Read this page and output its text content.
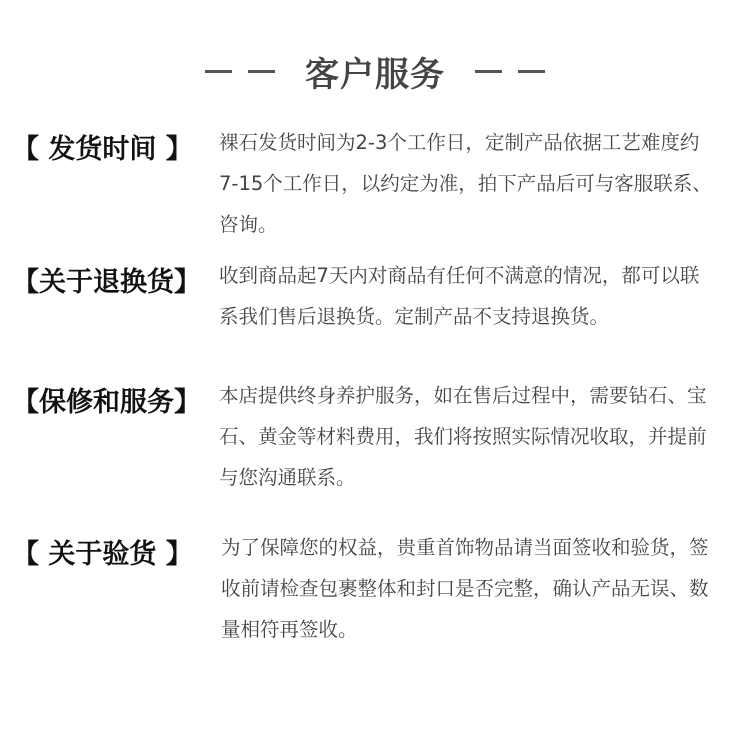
客户服务
【 发货时间 】 裸石发货时间为2-3个工作日，定制产品依据工艺难度约
7-15个工作日，以约定为准，拍下产品后可与客服联系、
咨询。
【关于退换货】 收到商品起7天内对商品有任何不满意的情况，都可以联
系我们售后退换货。定制产品不支持退换货。
【保修和服务】 本店提供终身养护服务，如在售后过程中，需要钻石、宝
石、黄金等材料费用，我们将按照实际情况收取，并提前
与您沟通联系。
【 关于验货 】 为了保障您的权益，贵重首饰物品请当面签收和验货，签
收前请检查包裹整体和封口是否完整，确认产品无误、数
量相符再签收。
